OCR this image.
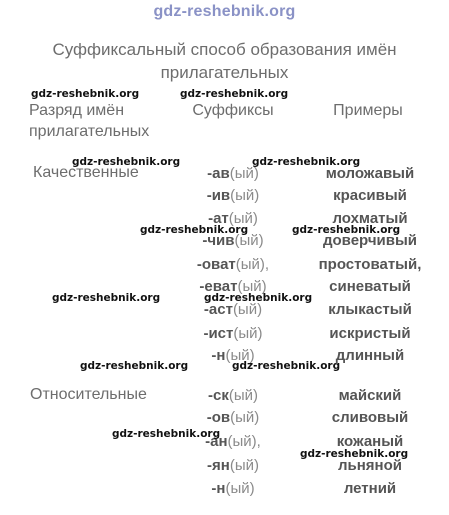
gdz-reshebnik.org
Суффиксальный способ образования имён
прилагательных
Разряд имён прилагательных
Суффиксы	Примеры
Качественные	-ав(ый)	моложавый
-ив(ый)	красивый
-ат(ый)	лохматый
-чив(ый)	доверчивый
-оват(ый),	простоватый,
-еват(ый)	синеватый
-аст(ый)	клыкастый
-ист(ый)	искристый
-н(ый)	длинный
Относительные	-ск(ый)	майский
-ов(ый)	сливовый
-ан(ый),	кожаный
-ян(ый)	льняной
-н(ый)	летний
gdz-reshebnik.org	gdz-reshebnik.org
gdz-reshebnik.org	gdz-reshebnik.org
gdz-reshebnik.org	gdz-reshebnik.org
gdz-reshebnik.org	gdz-reshebnik.org
gdz-reshebnik.org	gdz-reshebnik.org
gdz-reshebnik.org
gdz-reshebnik.org
